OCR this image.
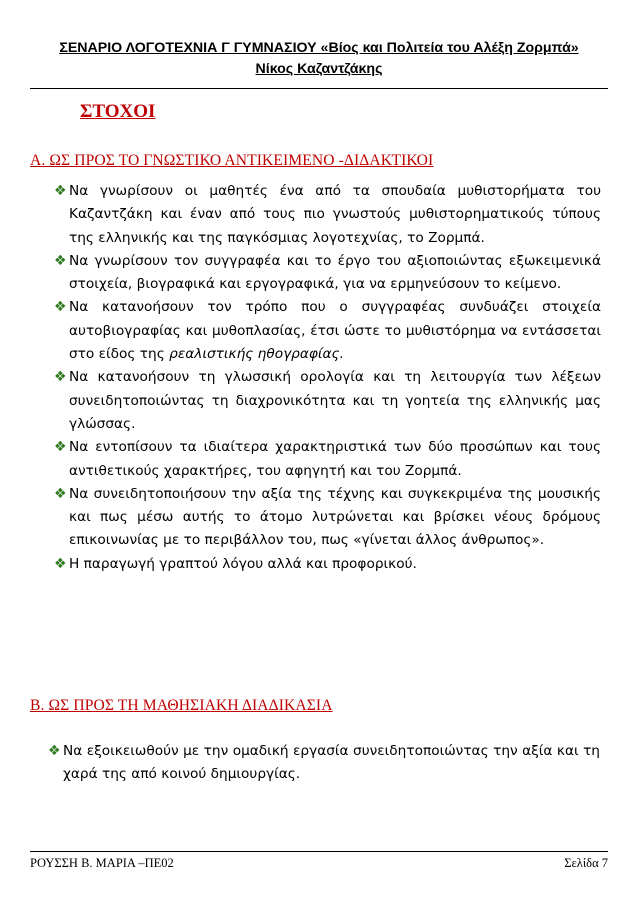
ΣΕΝΑΡΙΟ ΛΟΓΟΤΕΧΝΙΑ Γ ΓΥΜΝΑΣΙΟΥ «Βίος και Πολιτεία του Αλέξη Ζορμπά»
Νίκος Καζαντζάκης
ΣΤΟΧΟΙ
Α. ΩΣ ΠΡΟΣ ΤΟ ΓΝΩΣΤΙΚΟ ΑΝΤΙΚΕΙΜΕΝΟ -ΔΙΔΑΚΤΙΚΟΙ
❖ Να γνωρίσουν οι μαθητές ένα από τα σπουδαία μυθιστορήματα του Καζαντζάκη και έναν από τους πιο γνωστούς μυθιστορηματικούς τύπους της ελληνικής και της παγκόσμιας λογοτεχνίας, το Ζορμπά.
❖ Να γνωρίσουν τον συγγραφέα και το έργο του αξιοποιώντας εξωκειμενικά στοιχεία, βιογραφικά και εργογραφικά, για να ερμηνεύσουν το κείμενο.
❖ Να κατανοήσουν τον τρόπο που ο συγγραφέας συνδυάζει στοιχεία αυτοβιογραφίας και μυθοπλασίας, έτσι ώστε το μυθιστόρημα να εντάσσεται στο είδος της ρεαλιστικής ηθογραφίας.
❖ Να κατανοήσουν τη γλωσσική ορολογία και τη λειτουργία των λέξεων συνειδητοποιώντας τη διαχρονικότητα και τη γοητεία της ελληνικής μας γλώσσας.
❖ Να εντοπίσουν τα ιδιαίτερα χαρακτηριστικά των δύο προσώπων και τους αντιθετικούς χαρακτήρες, του αφηγητή και του Ζορμπά.
❖ Να συνειδητοποιήσουν την αξία της τέχνης και συγκεκριμένα της μουσικής και πως μέσω αυτής το άτομο λυτρώνεται και βρίσκει νέους δρόμους επικοινωνίας με το περιβάλλον του, πως «γίνεται άλλος άνθρωπος».
❖ Η παραγωγή γραπτού λόγου αλλά και προφορικού.
Β. ΩΣ ΠΡΟΣ ΤΗ ΜΑΘΗΣΙΑΚΗ ΔΙΑΔΙΚΑΣΙΑ
❖ Να εξοικειωθούν με την ομαδική εργασία συνειδητοποιώντας την αξία και τη χαρά της από κοινού δημιουργίας.
ΡΟΥΣΣΗ Β. ΜΑΡΙΑ –ΠΕ02	Σελίδα 7
